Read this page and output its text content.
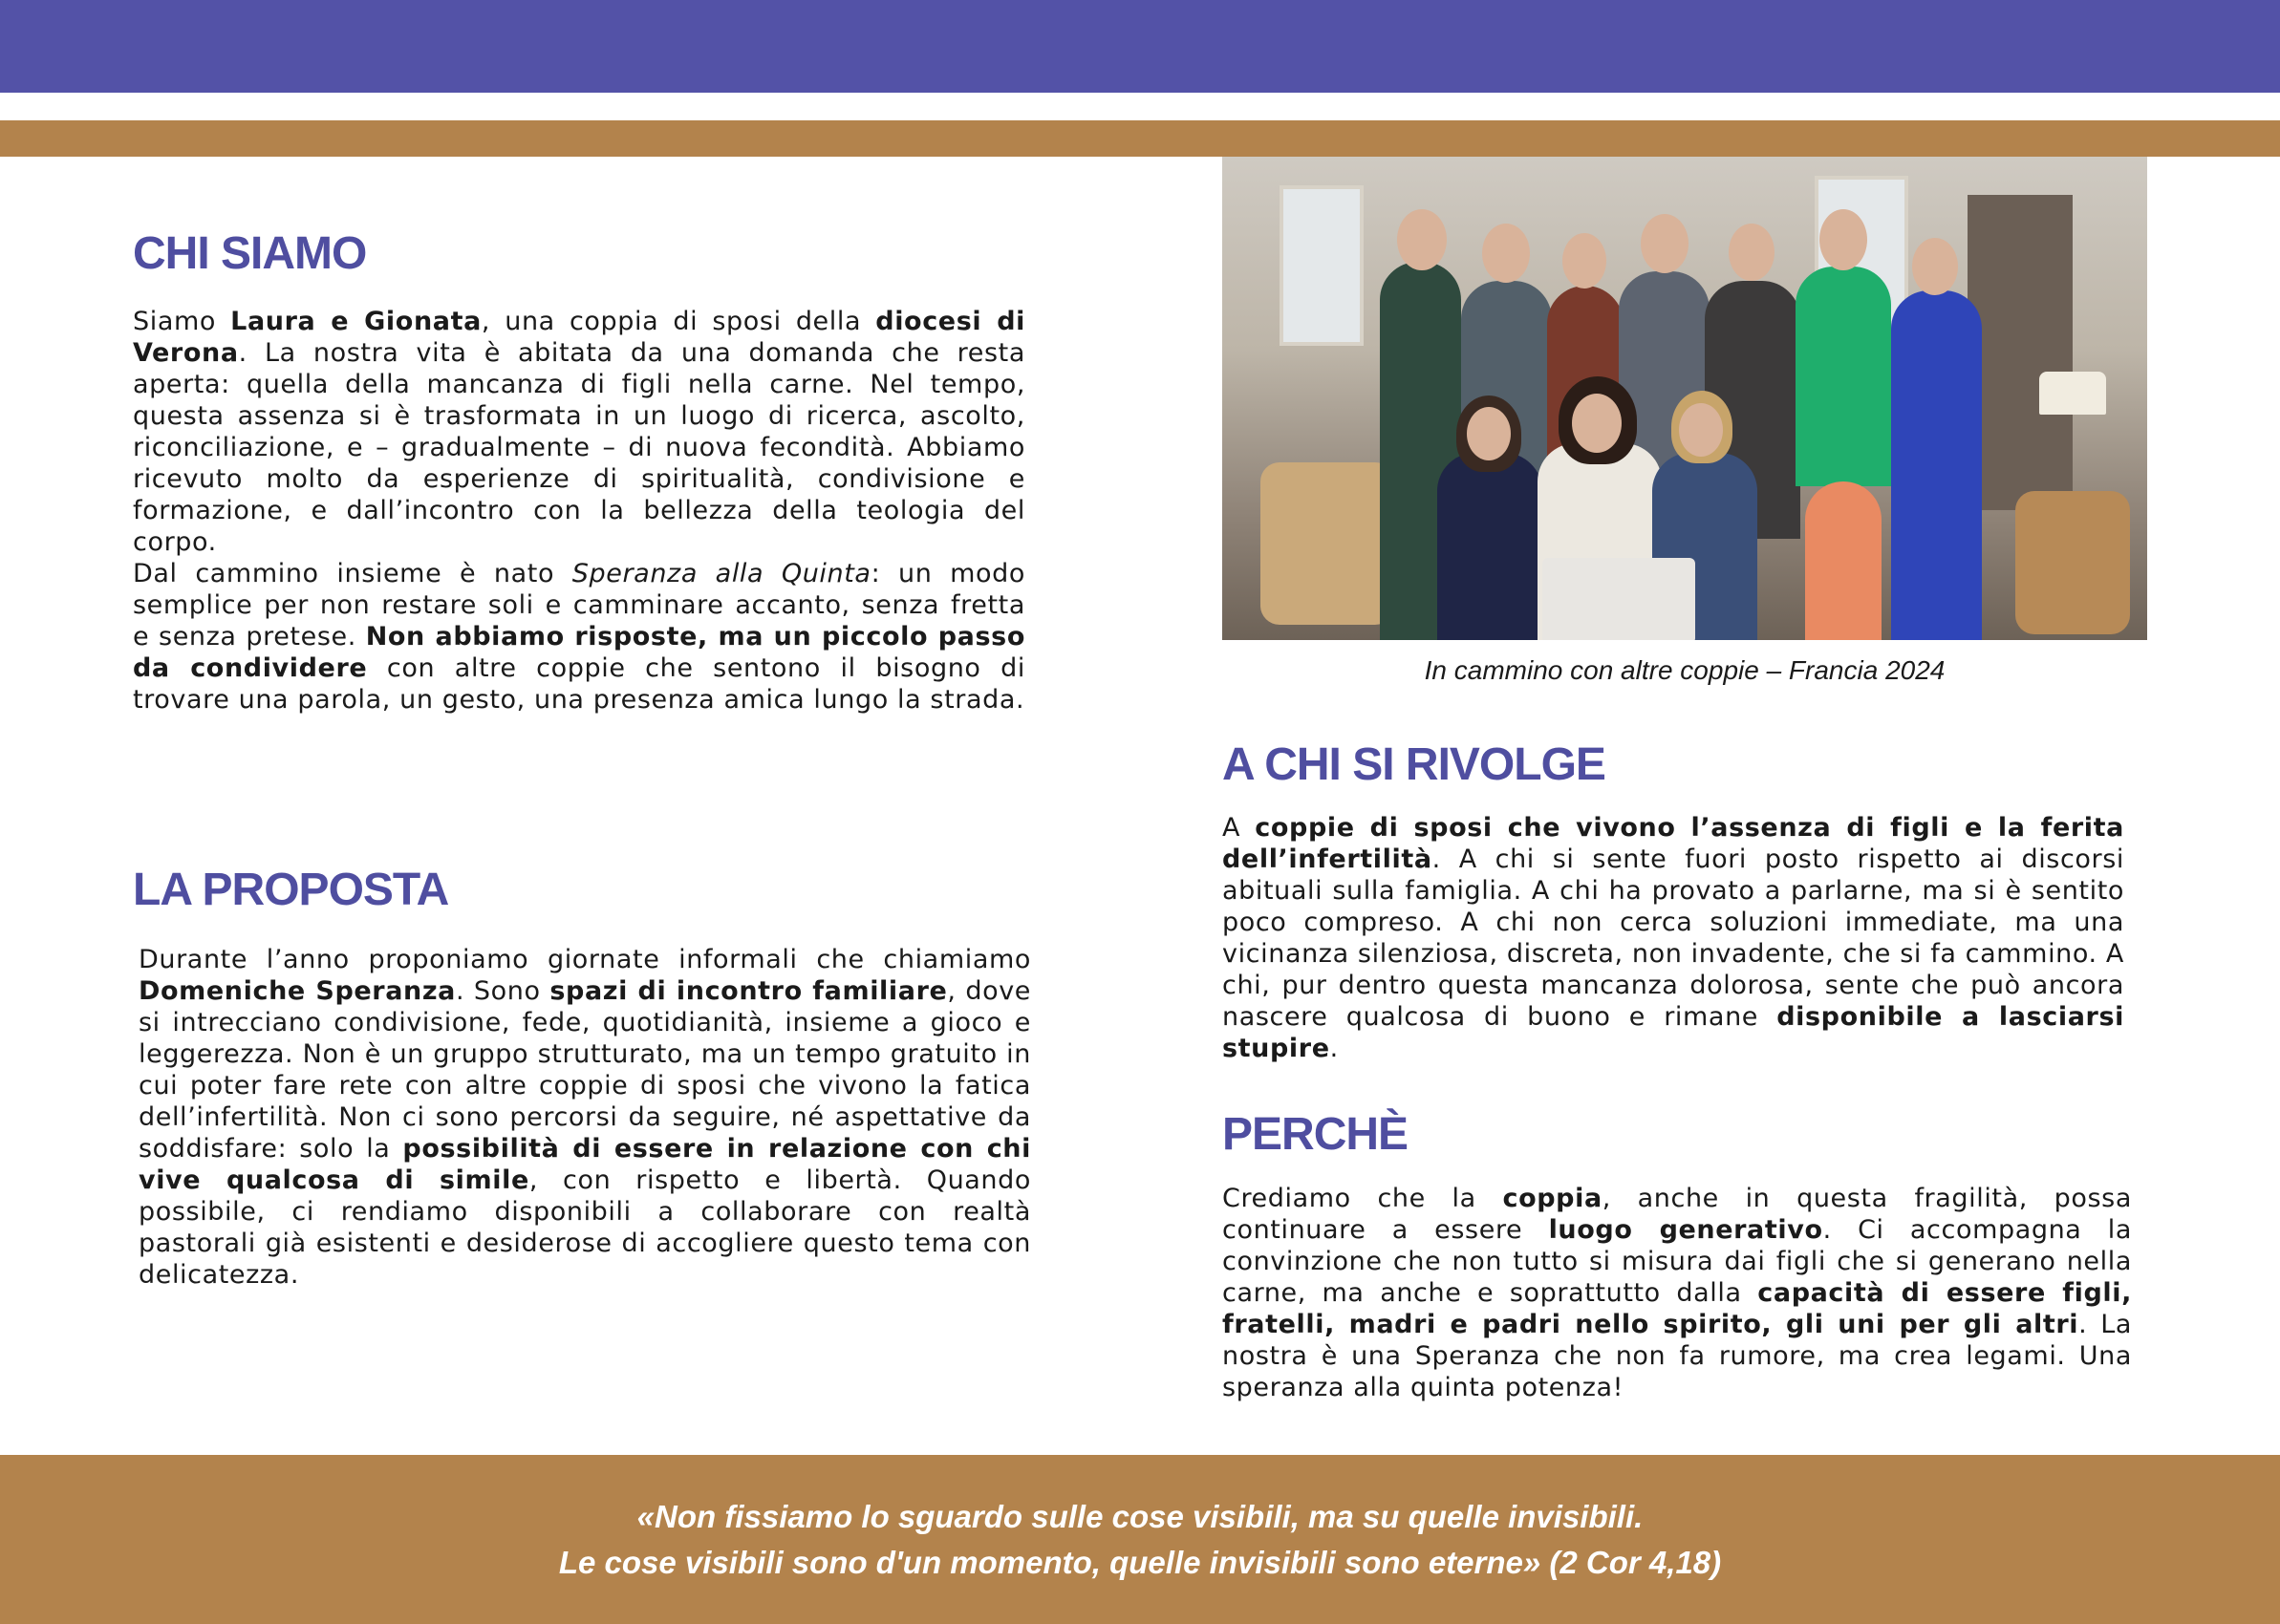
CHI SIAMO

Siamo Laura e Gionata, una coppia di sposi della diocesi di Verona. La nostra vita è abitata da una domanda che resta aperta: quella della mancanza di figli nella carne. Nel tempo, questa assenza si è trasformata in un luogo di ricerca, ascolto, riconciliazione, e – gradualmente – di nuova fecondità. Abbiamo ricevuto molto da esperienze di spiritualità, condivisione e formazione, e dall’incontro con la bellezza della teologia del corpo.

Dal cammino insieme è nato Speranza alla Quinta: un modo semplice per non restare soli e camminare accanto, senza fretta e senza pretese. Non abbiamo risposte, ma un piccolo passo da condividere con altre coppie che sentono il bisogno di trovare una parola, un gesto, una presenza amica lungo la strada.

LA PROPOSTA

Durante l’anno proponiamo giornate informali che chiamiamo Domeniche Speranza. Sono spazi di incontro familiare, dove si intrecciano condivisione, fede, quotidianità, insieme a gioco e leggerezza. Non è un gruppo strutturato, ma un tempo gratuito in cui poter fare rete con altre coppie di sposi che vivono la fatica dell’infertilità. Non ci sono percorsi da seguire, né aspettative da soddisfare: solo la possibilità di essere in relazione con chi vive qualcosa di simile, con rispetto e libertà. Quando possibile, ci rendiamo disponibili a collaborare con realtà pastorali già esistenti e desiderose di accogliere questo tema con delicatezza.

In cammino con altre coppie – Francia 2024
A CHI SI RIVOLGE

A coppie di sposi che vivono l’assenza di figli e la ferita dell’infertilità. A chi si sente fuori posto rispetto ai discorsi abituali sulla famiglia. A chi ha provato a parlarne, ma si è sentito poco compreso. A chi non cerca soluzioni immediate, ma una vicinanza silenziosa, discreta, non invadente, che si fa cammino. A chi, pur dentro questa mancanza dolorosa, sente che può ancora nascere qualcosa di buono e rimane disponibile a lasciarsi stupire.

PERCHÈ

Crediamo che la coppia, anche in questa fragilità, possa continuare a essere luogo generativo. Ci accompagna la convinzione che non tutto si misura dai figli che si generano nella carne, ma anche e soprattutto dalla capacità di essere figli, fratelli, madri e padri nello spirito, gli uni per gli altri. La nostra è una Speranza che non fa rumore, ma crea legami. Una speranza alla quinta potenza!

«Non fissiamo lo sguardo sulle cose visibili, ma su quelle invisibili.
Le cose visibili sono d'un momento, quelle invisibili sono eterne» (2 Cor 4,18)
